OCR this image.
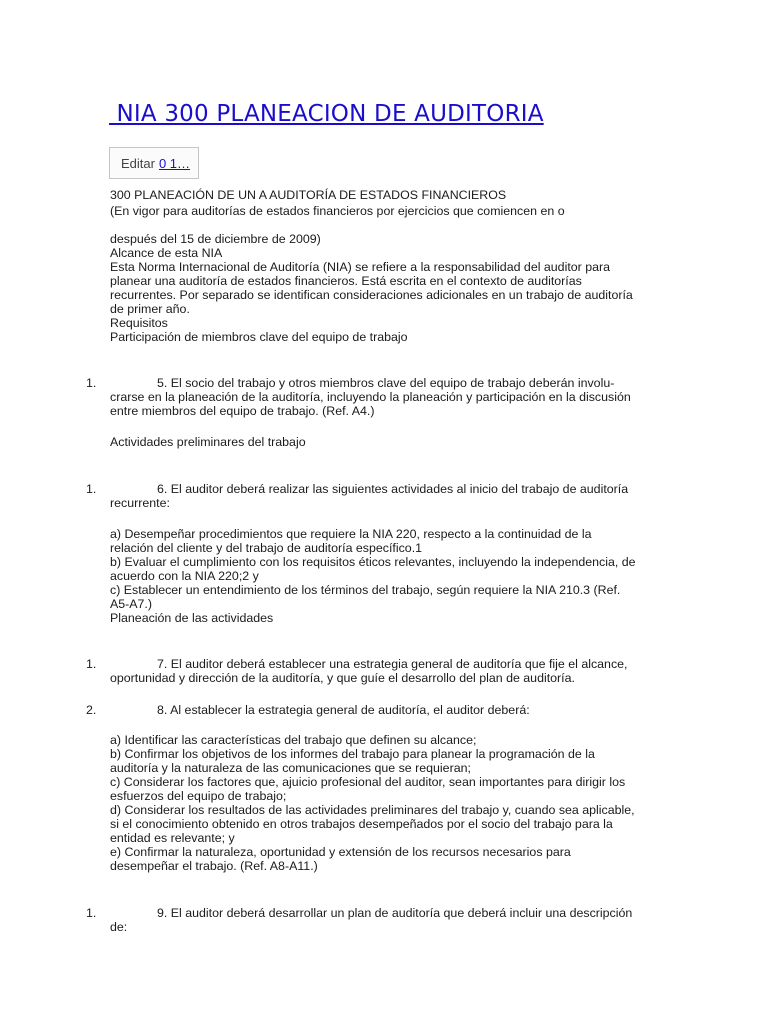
NIA 300 PLANEACION DE AUDITORIA
Editar 0 1…
300 PLANEACIÓN DE UN A AUDITORÍA DE ESTADOS FINANCIEROS
(En vigor para auditorías de estados financieros por ejercicios que comiencen en o
después del 15 de diciembre de 2009)
Alcance de esta NIA
Esta Norma Internacional de Auditoría (NIA) se refiere a la responsabilidad del auditor para
planear una auditoría de estados financieros. Está escrita en el contexto de auditorías
recurrentes. Por separado se identifican consideraciones adicionales en un trabajo de auditoría
de primer año.
Requisitos
Participación de miembros clave del equipo de trabajo
1.	5. El socio del trabajo y otros miembros clave del equipo de trabajo deberán involu-
crarse en la planeación de la auditoría, incluyendo la planeación y participación en la discusión
entre miembros del equipo de trabajo. (Ref. A4.)
Actividades preliminares del trabajo
1.	6. El auditor deberá realizar las siguientes actividades al inicio del trabajo de auditoría
recurrente:
a) Desempeñar procedimientos que requiere la NIA 220, respecto a la continuidad de la
relación del cliente y del trabajo de auditoría específico.1
b) Evaluar el cumplimiento con los requisitos éticos relevantes, incluyendo la independencia, de
acuerdo con la NIA 220;2 y
c) Establecer un entendimiento de los términos del trabajo, según requiere la NIA 210.3 (Ref.
A5-A7.)
Planeación de las actividades
1.	7. El auditor deberá establecer una estrategia general de auditoría que fije el alcance,
oportunidad y dirección de la auditoría, y que guíe el desarrollo del plan de auditoría.
2.	8. Al establecer la estrategia general de auditoría, el auditor deberá:
a) Identificar las características del trabajo que definen su alcance;
b) Confirmar los objetivos de los informes del trabajo para planear la programación de la
auditoría y la naturaleza de las comunicaciones que se requieran;
c) Considerar los factores que, ajuicio profesional del auditor, sean importantes para dirigir los
esfuerzos del equipo de trabajo;
d) Considerar los resultados de las actividades preliminares del trabajo y, cuando sea aplicable,
si el conocimiento obtenido en otros trabajos desempeñados por el socio del trabajo para la
entidad es relevante; y
e) Confirmar la naturaleza, oportunidad y extensión de los recursos necesarios para
desempeñar el trabajo. (Ref. A8-A11.)
1.	9. El auditor deberá desarrollar un plan de auditoría que deberá incluir una descripción
de:
